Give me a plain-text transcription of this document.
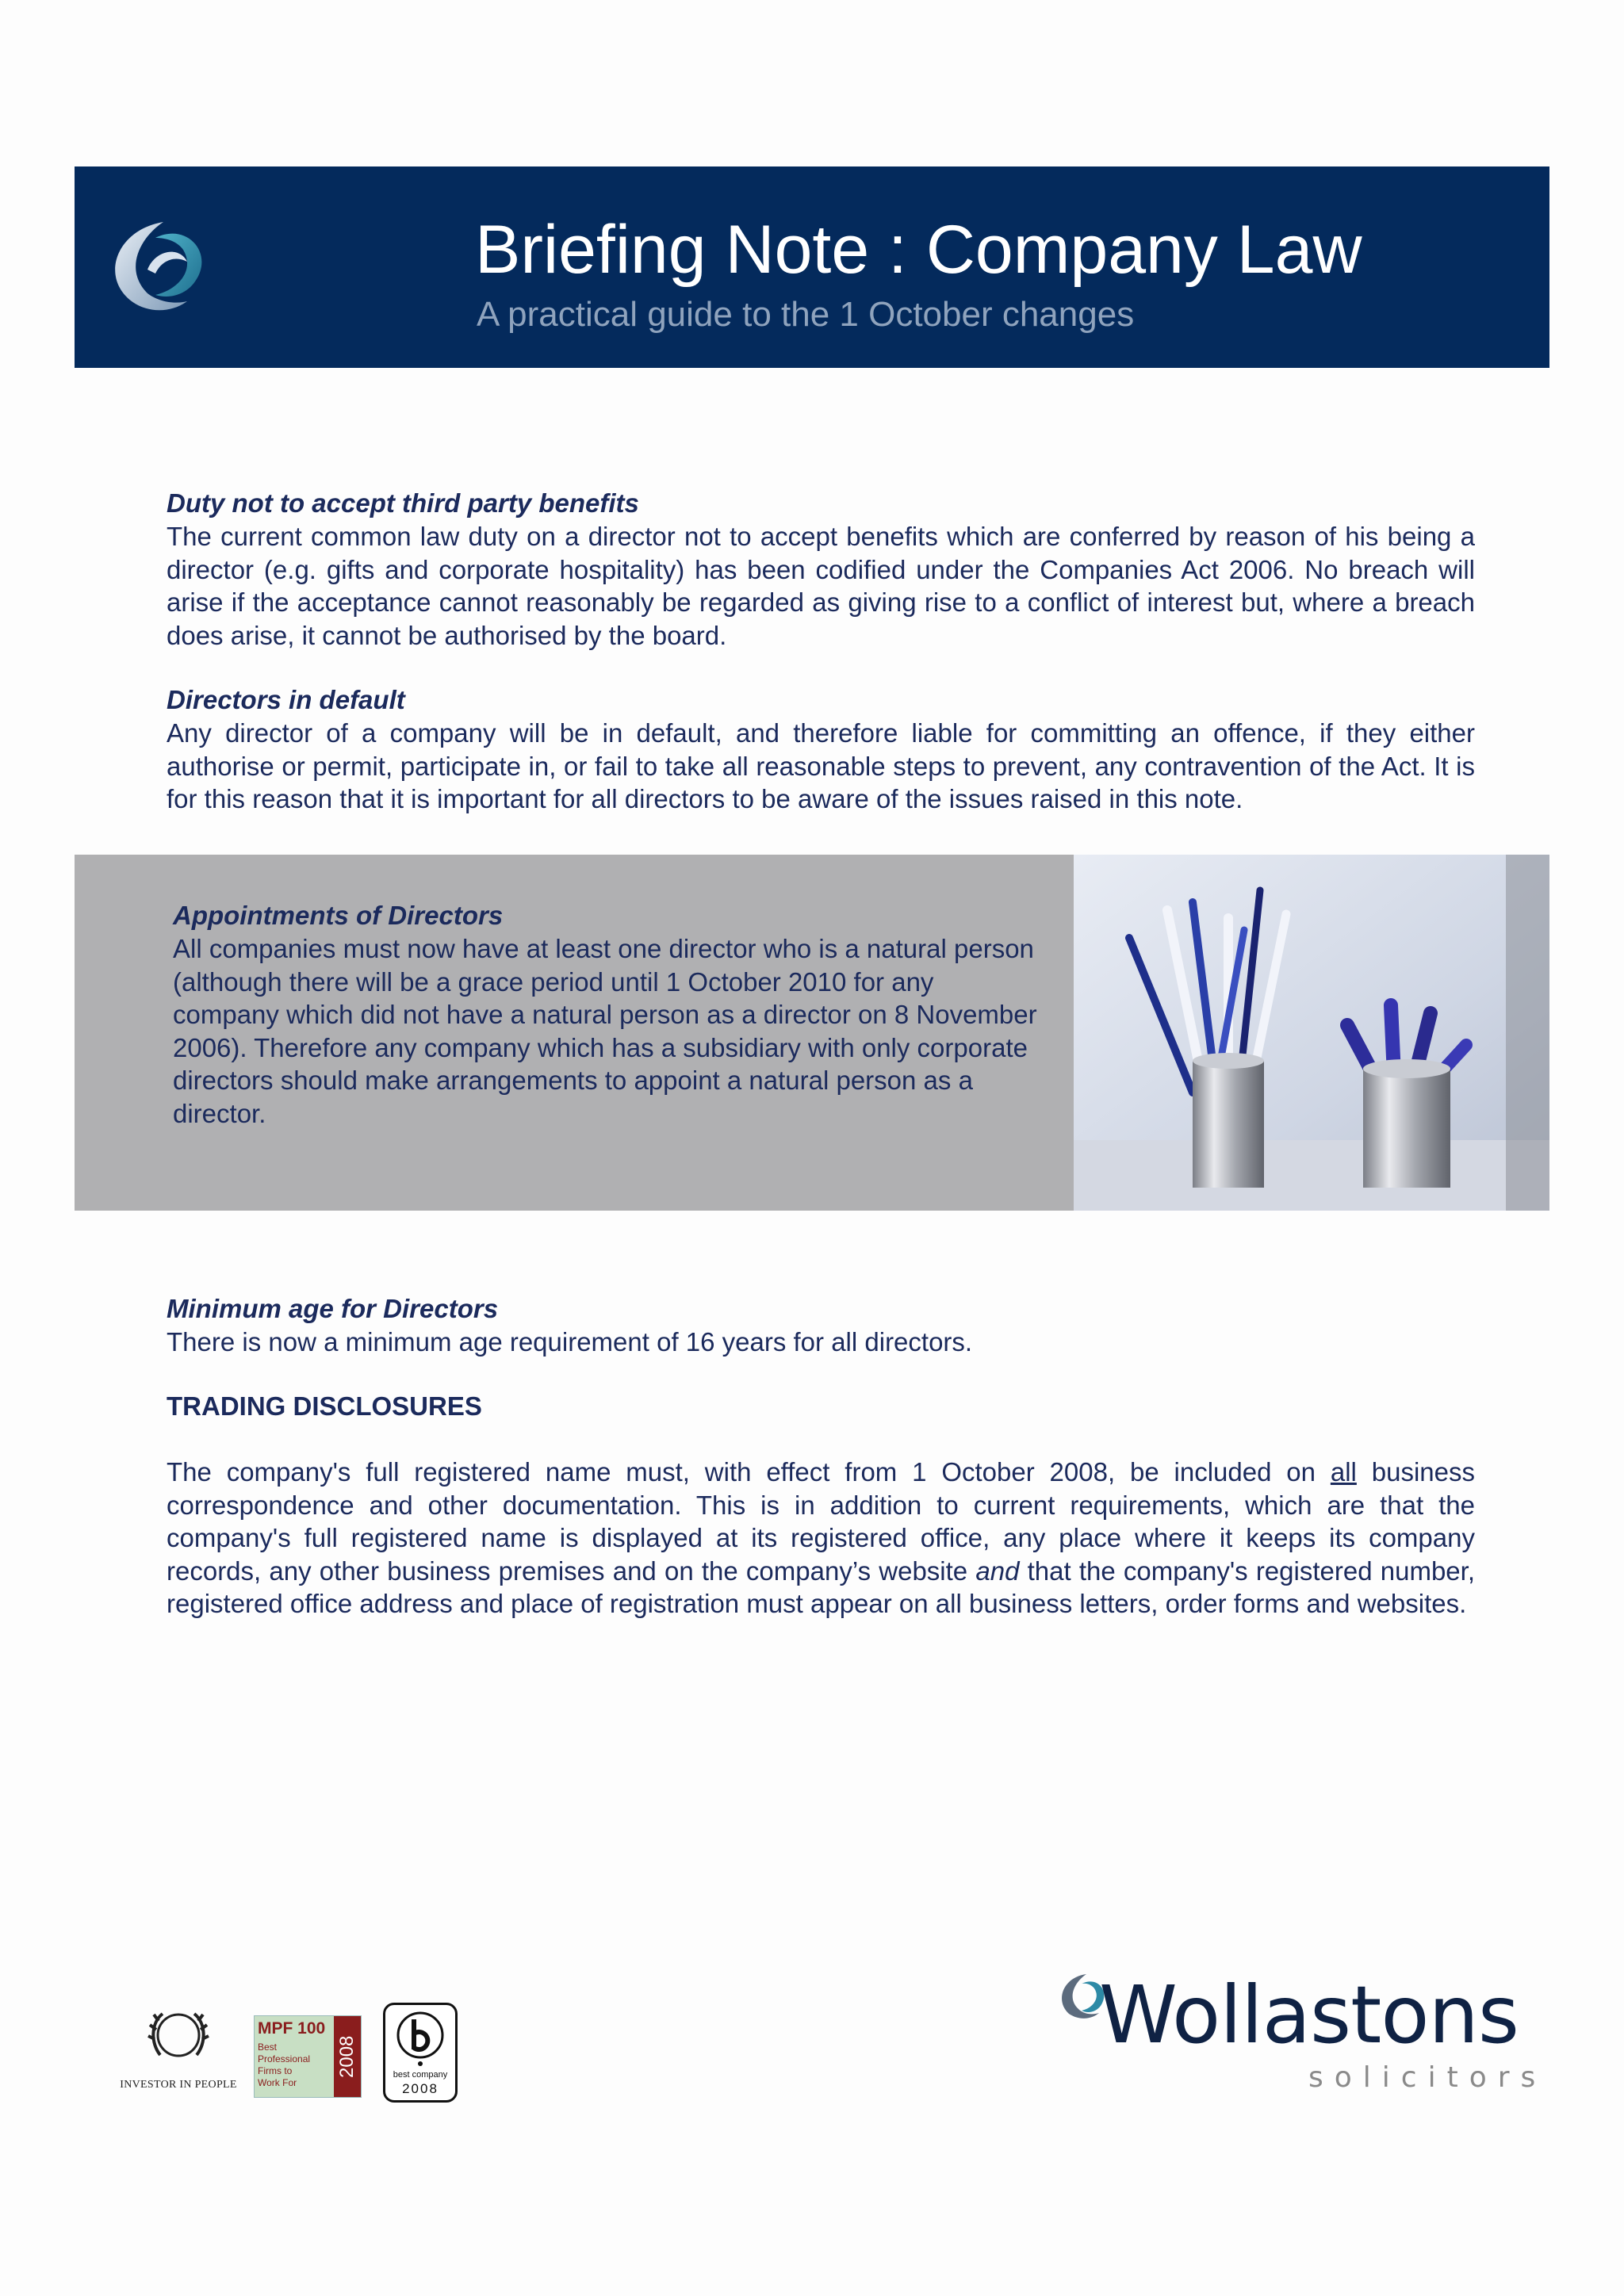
Briefing Note : Company Law

A practical guide to the 1 October changes

Duty not to accept third party benefits

The current common law duty on a director not to accept benefits which are conferred by reason of his being a director (e.g. gifts and corporate hospitality) has been codified under the Companies Act 2006. No breach will arise if the acceptance cannot reasonably be regarded as giving rise to a conflict of interest but, where a breach does arise, it cannot be authorised by the board.

Directors in default

Any director of a company will be in default, and therefore liable for committing an offence, if they either authorise or permit, participate in, or fail to take all reasonable steps to prevent, any contravention of the Act. It is for this reason that it is important for all directors to be aware of the issues raised in this note.

Appointments of Directors

All companies must now have at least one director who is a natural person (although there will be a grace period until 1 October 2010 for any company which did not have a natural person as a director on 8 November 2006). Therefore any company which has a subsidiary with only corporate directors should make arrangements to appoint a natural person as a director.

Minimum age for Directors

There is now a minimum age requirement of 16 years for all directors.

TRADING DISCLOSURES

The company's full registered name must, with effect from 1 October 2008, be included on all business correspondence and other documentation. This is in addition to current requirements, which are that the company's full registered name is displayed at its registered office, any place where it keeps its company records, any other business premises and on the company’s website and that the company's registered number, registered office address and place of registration must appear on all business letters, order forms and websites.

INVESTOR IN PEOPLE
MPF 100
Best
Professional
Firms to
Work For
2008	best company
2008
Wollastons
solicitors
